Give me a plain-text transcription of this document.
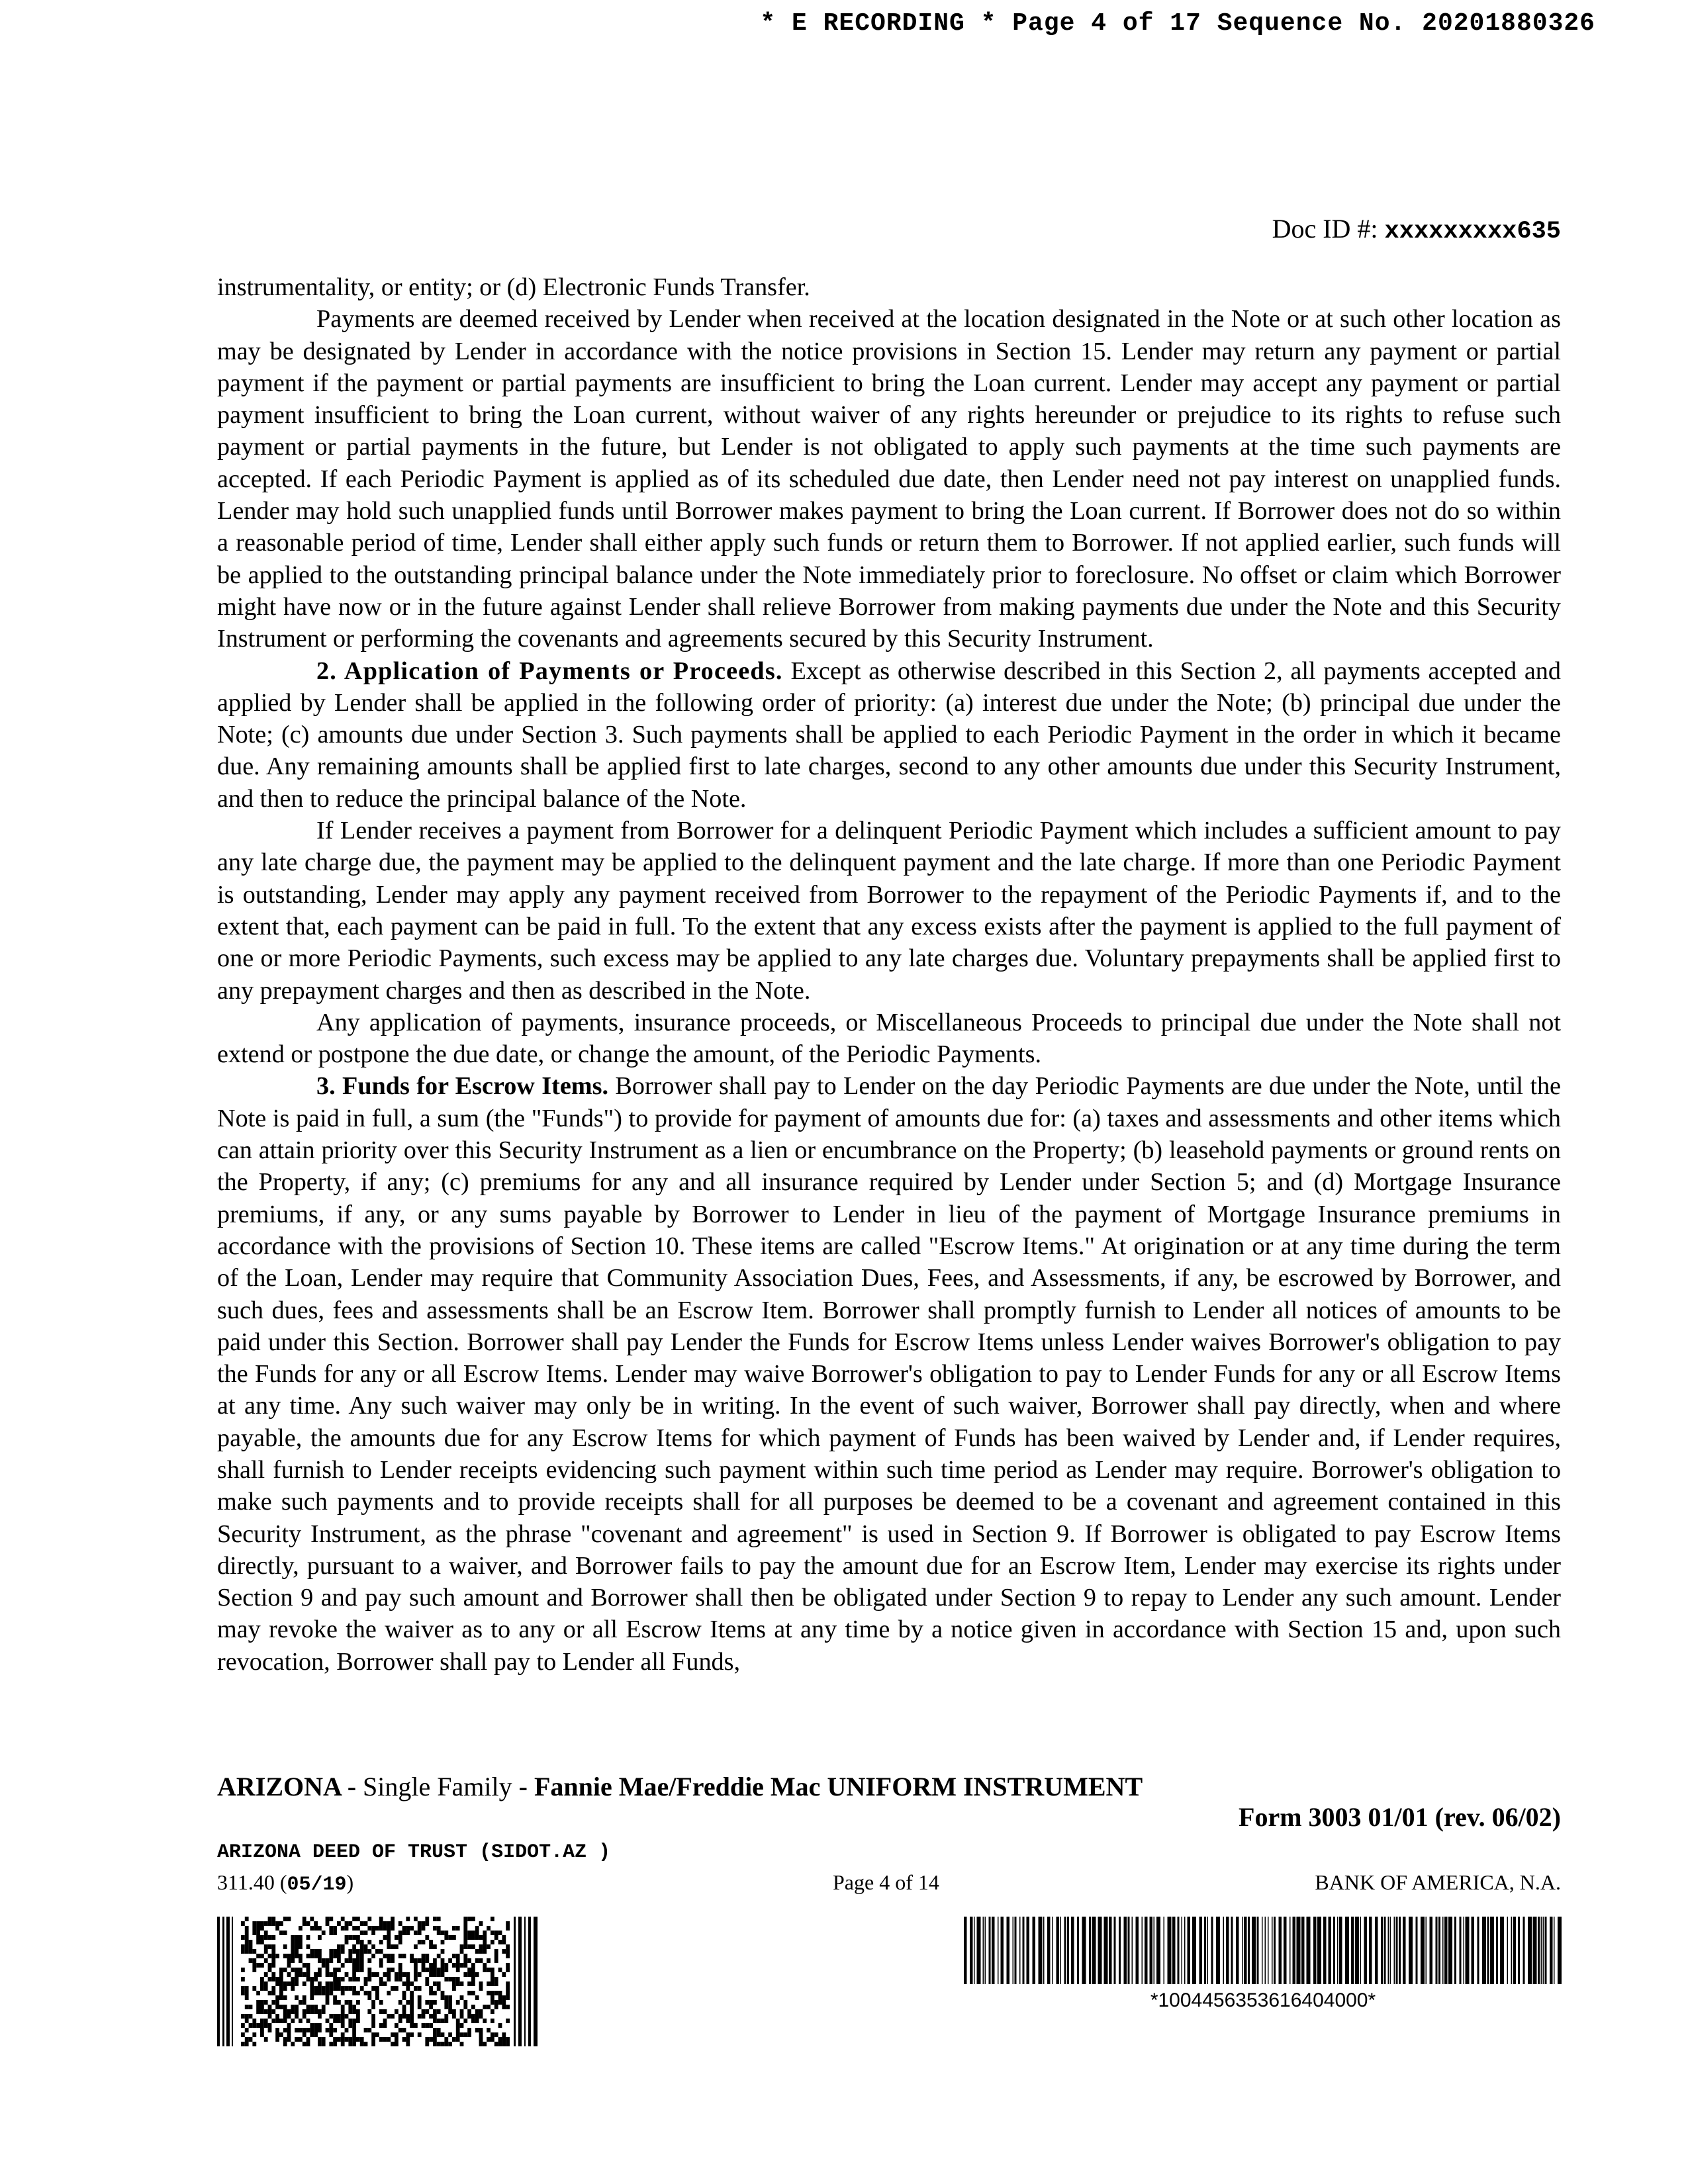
* E RECORDING * Page 4 of 17 Sequence No. 20201880326
Doc ID #: xxxxxxxxx635

instrumentality, or entity; or (d) Electronic Funds Transfer.

Payments are deemed received by Lender when received at the location designated in the Note or at such other location as may be designated by Lender in accordance with the notice provisions in Section 15. Lender may return any payment or partial payment if the payment or partial payments are insufficient to bring the Loan current. Lender may accept any payment or partial payment insufficient to bring the Loan current, without waiver of any rights hereunder or prejudice to its rights to refuse such payment or partial payments in the future, but Lender is not obligated to apply such payments at the time such payments are accepted. If each Periodic Payment is applied as of its scheduled due date, then Lender need not pay interest on unapplied funds. Lender may hold such unapplied funds until Borrower makes payment to bring the Loan current. If Borrower does not do so within a reasonable period of time, Lender shall either apply such funds or return them to Borrower. If not applied earlier, such funds will be applied to the outstanding principal balance under the Note immediately prior to foreclosure. No offset or claim which Borrower might have now or in the future against Lender shall relieve Borrower from making payments due under the Note and this Security Instrument or performing the covenants and agreements secured by this Security Instrument.

2. Application of Payments or Proceeds. Except as otherwise described in this Section 2, all payments accepted and applied by Lender shall be applied in the following order of priority: (a) interest due under the Note; (b) principal due under the Note; (c) amounts due under Section 3. Such payments shall be applied to each Periodic Payment in the order in which it became due. Any remaining amounts shall be applied first to late charges, second to any other amounts due under this Security Instrument, and then to reduce the principal balance of the Note.

If Lender receives a payment from Borrower for a delinquent Periodic Payment which includes a sufficient amount to pay any late charge due, the payment may be applied to the delinquent payment and the late charge. If more than one Periodic Payment is outstanding, Lender may apply any payment received from Borrower to the repayment of the Periodic Payments if, and to the extent that, each payment can be paid in full. To the extent that any excess exists after the payment is applied to the full payment of one or more Periodic Payments, such excess may be applied to any late charges due. Voluntary prepayments shall be applied first to any prepayment charges and then as described in the Note.

Any application of payments, insurance proceeds, or Miscellaneous Proceeds to principal due under the Note shall not extend or postpone the due date, or change the amount, of the Periodic Payments.

3. Funds for Escrow Items. Borrower shall pay to Lender on the day Periodic Payments are due under the Note, until the Note is paid in full, a sum (the "Funds") to provide for payment of amounts due for: (a) taxes and assessments and other items which can attain priority over this Security Instrument as a lien or encumbrance on the Property; (b) leasehold payments or ground rents on the Property, if any; (c) premiums for any and all insurance required by Lender under Section 5; and (d) Mortgage Insurance premiums, if any, or any sums payable by Borrower to Lender in lieu of the payment of Mortgage Insurance premiums in accordance with the provisions of Section 10. These items are called "Escrow Items." At origination or at any time during the term of the Loan, Lender may require that Community Association Dues, Fees, and Assessments, if any, be escrowed by Borrower, and such dues, fees and assessments shall be an Escrow Item. Borrower shall promptly furnish to Lender all notices of amounts to be paid under this Section. Borrower shall pay Lender the Funds for Escrow Items unless Lender waives Borrower's obligation to pay the Funds for any or all Escrow Items. Lender may waive Borrower's obligation to pay to Lender Funds for any or all Escrow Items at any time. Any such waiver may only be in writing. In the event of such waiver, Borrower shall pay directly, when and where payable, the amounts due for any Escrow Items for which payment of Funds has been waived by Lender and, if Lender requires, shall furnish to Lender receipts evidencing such payment within such time period as Lender may require. Borrower's obligation to make such payments and to provide receipts shall for all purposes be deemed to be a covenant and agreement contained in this Security Instrument, as the phrase "covenant and agreement" is used in Section 9. If Borrower is obligated to pay Escrow Items directly, pursuant to a waiver, and Borrower fails to pay the amount due for an Escrow Item, Lender may exercise its rights under Section 9 and pay such amount and Borrower shall then be obligated under Section 9 to repay to Lender any such amount. Lender may revoke the waiver as to any or all Escrow Items at any time by a notice given in accordance with Section 15 and, upon such revocation, Borrower shall pay to Lender all Funds,

ARIZONA - Single Family - Fannie Mae/Freddie Mac UNIFORM INSTRUMENT
Form 3003 01/01 (rev. 06/02)
ARIZONA DEED OF TRUST (SIDOT.AZ )
311.40 (05/19)	Page 4 of 14	BANK OF AMERICA, N.A.
*1004456353616404000*
